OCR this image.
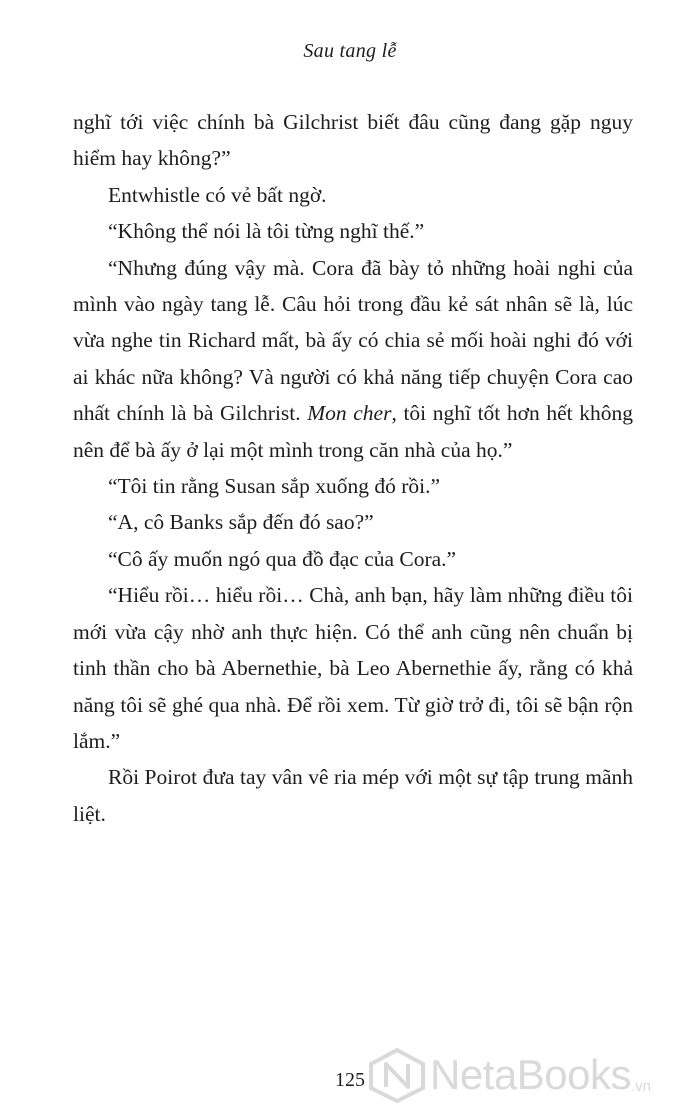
Sau tang lễ

nghĩ tới việc chính bà Gilchrist biết đâu cũng đang gặp nguy hiểm hay không?”

Entwhistle có vẻ bất ngờ.

“Không thể nói là tôi từng nghĩ thế.”

“Nhưng đúng vậy mà. Cora đã bày tỏ những hoài nghi của mình vào ngày tang lễ. Câu hỏi trong đầu kẻ sát nhân sẽ là, lúc vừa nghe tin Richard mất, bà ấy có chia sẻ mối hoài nghi đó với ai khác nữa không? Và người có khả năng tiếp chuyện Cora cao nhất chính là bà Gilchrist. Mon cher, tôi nghĩ tốt hơn hết không nên để bà ấy ở lại một mình trong căn nhà của họ.”

“Tôi tin rằng Susan sắp xuống đó rồi.”

“A, cô Banks sắp đến đó sao?”

“Cô ấy muốn ngó qua đồ đạc của Cora.”

“Hiểu rồi… hiểu rồi… Chà, anh bạn, hãy làm những điều tôi mới vừa cậy nhờ anh thực hiện. Có thể anh cũng nên chuẩn bị tinh thần cho bà Abernethie, bà Leo Abernethie ấy, rằng có khả năng tôi sẽ ghé qua nhà. Để rồi xem. Từ giờ trở đi, tôi sẽ bận rộn lắm.”

Rồi Poirot đưa tay vân vê ria mép với một sự tập trung mãnh liệt.

125	NetaBooks .vn
